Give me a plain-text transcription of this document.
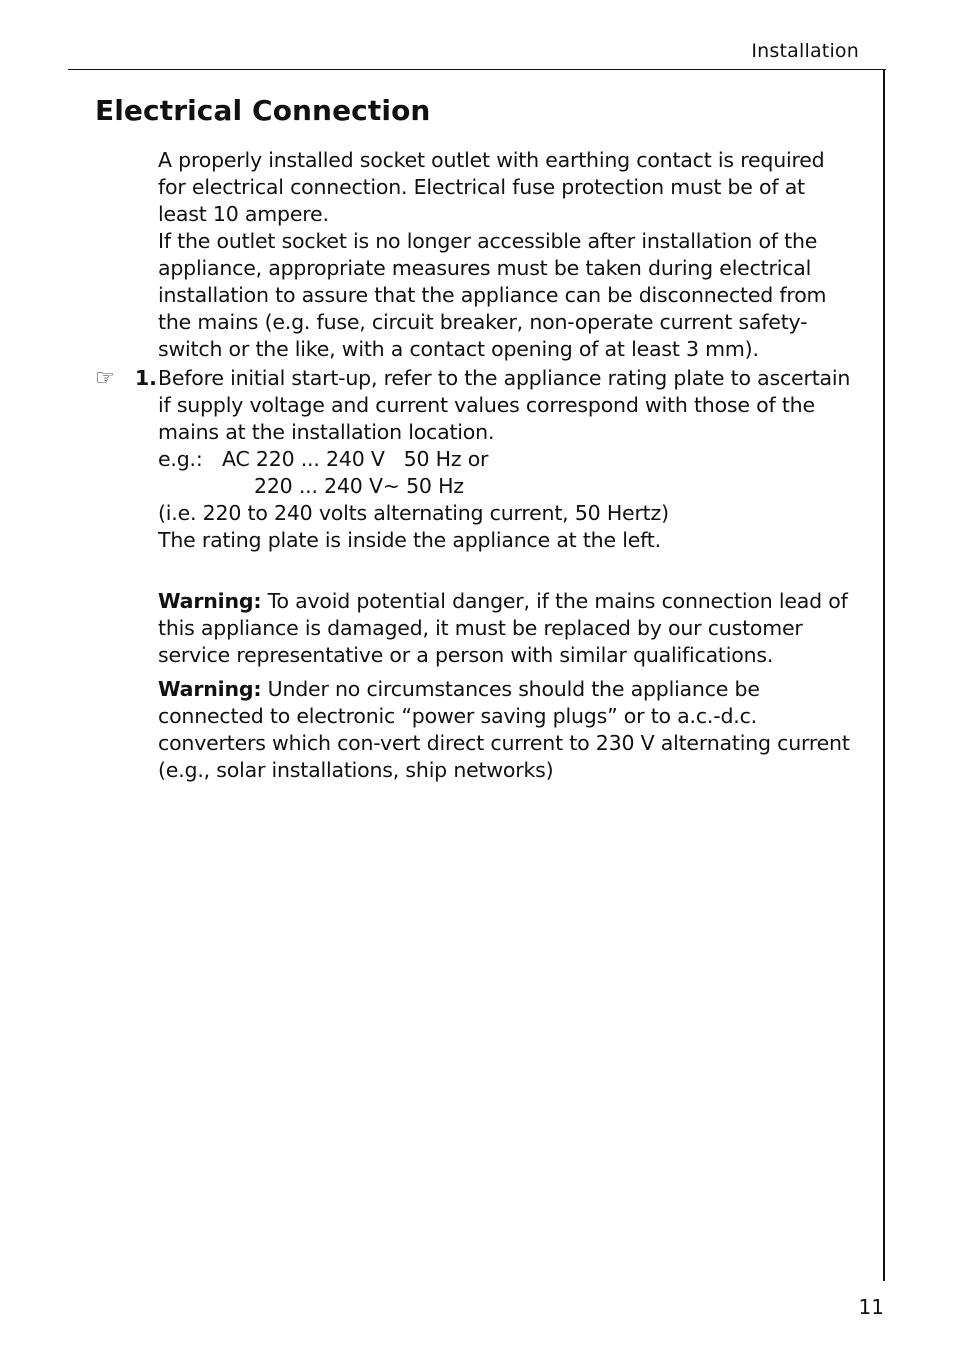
Installation
Electrical Connection

A properly installed socket outlet with earthing contact is required for electrical connection. Electrical fuse protection must be of at least 10 ampere.

If the outlet socket is no longer accessible after installation of the appliance, appropriate measures must be taken during electrical installation to assure that the appliance can be disconnected from the mains (e.g. fuse, circuit breaker, non-operate current safety-switch or the like, with a contact opening of at least 3 mm).

☞ 1. Before initial start-up, refer to the appliance rating plate to ascertain if supply voltage and current values correspond with those of the mains at the installation location.
e.g.: AC 220 ... 240 V   50 Hz or
220 ... 240 V~ 50 Hz
(i.e. 220 to 240 volts alternating current, 50 Hertz)
The rating plate is inside the appliance at the left.

Warning: To avoid potential danger, if the mains connection lead of this appliance is damaged, it must be replaced by our customer service representative or a person with similar qualifications.

Warning: Under no circumstances should the appliance be connected to electronic “power saving plugs” or to a.c.-d.c. converters which con-vert direct current to 230 V alternating current (e.g., solar installations, ship networks)

11
